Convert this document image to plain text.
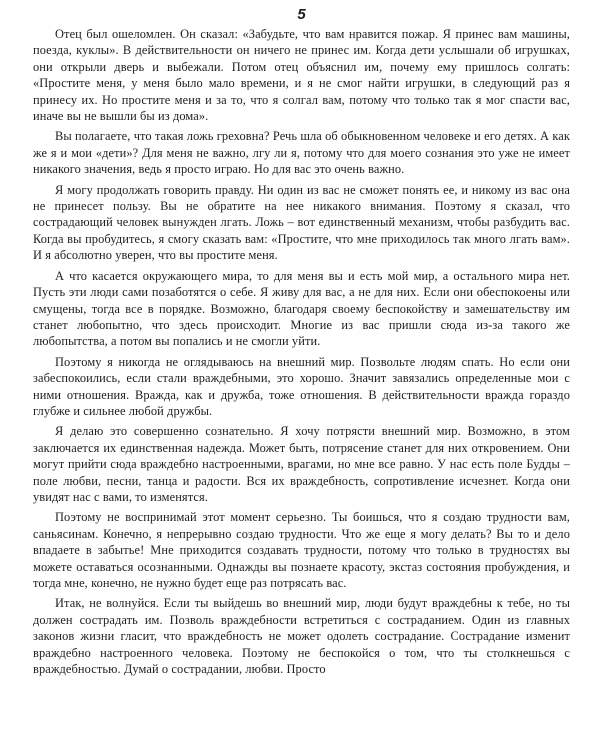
5

Отец был ошеломлен. Он сказал: «Забудьте, что вам нравится пожар. Я принес вам машины, поезда, куклы». В действительности он ничего не принес им. Когда дети услышали об игрушках, они открыли дверь и выбежали. Потом отец объяснил им, почему ему пришлось солгать: «Простите меня, у меня было мало времени, и я не смог найти игрушки, в следующий раз я принесу их. Но простите меня и за то, что я солгал вам, потому что только так я мог спасти вас, иначе вы не вышли бы из дома».

Вы полагаете, что такая ложь греховна? Речь шла об обыкновенном человеке и его детях. А как же я и мои «дети»? Для меня не важно, лгу ли я, потому что для моего сознания это уже не имеет никакого значения, ведь я просто играю. Но для вас это очень важно.

Я могу продолжать говорить правду. Ни один из вас не сможет понять ее, и никому из вас она не принесет пользу. Вы не обратите на нее никакого внимания. Поэтому я сказал, что сострадающий человек вынужден лгать. Ложь – вот единственный механизм, чтобы разбудить вас. Когда вы пробудитесь, я смогу сказать вам: «Простите, что мне приходилось так много лгать вам». И я абсолютно уверен, что вы простите меня.

А что касается окружающего мира, то для меня вы и есть мой мир, а остального мира нет. Пусть эти люди сами позаботятся о себе. Я живу для вас, а не для них. Если они обеспокоены или смущены, тогда все в порядке. Возможно, благодаря своему беспокойству и замешательству им станет любопытно, что здесь происходит. Многие из вас пришли сюда из-за такого же любопытства, а потом вы попались и не смогли уйти.

Поэтому я никогда не оглядываюсь на внешний мир. Позвольте людям спать. Но если они забеспокоились, если стали враждебными, это хорошо. Значит завязались определенные мои с ними отношения. Вражда, как и дружба, тоже отношения. В действительности вражда гораздо глубже и сильнее любой дружбы.

Я делаю это совершенно сознательно. Я хочу потрясти внешний мир. Возможно, в этом заключается их единственная надежда. Может быть, потрясение станет для них откровением. Они могут прийти сюда враждебно настроенными, врагами, но мне все равно. У нас есть поле Будды – поле любви, песни, танца и радости. Вся их враждебность, сопротивление исчезнет. Когда они увидят нас с вами, то изменятся.

Поэтому не воспринимай этот момент серьезно. Ты боишься, что я создаю трудности вам, саньясинам. Конечно, я непрерывно создаю трудности. Что же еще я могу делать? Вы то и дело впадаете в забытье! Мне приходится создавать трудности, потому что только в трудностях вы можете оставаться осознанными. Однажды вы познаете красоту, экстаз состояния пробуждения, и тогда мне, конечно, не нужно будет еще раз потрясать вас.

Итак, не волнуйся. Если ты выйдешь во внешний мир, люди будут враждебны к тебе, но ты должен сострадать им. Позволь враждебности встретиться с состраданием. Один из главных законов жизни гласит, что враждебность не может одолеть сострадание. Сострадание изменит враждебно настроенного человека. Поэтому не беспокойся о том, что ты столкнешься с враждебностью. Думай о сострадании, любви. Просто
